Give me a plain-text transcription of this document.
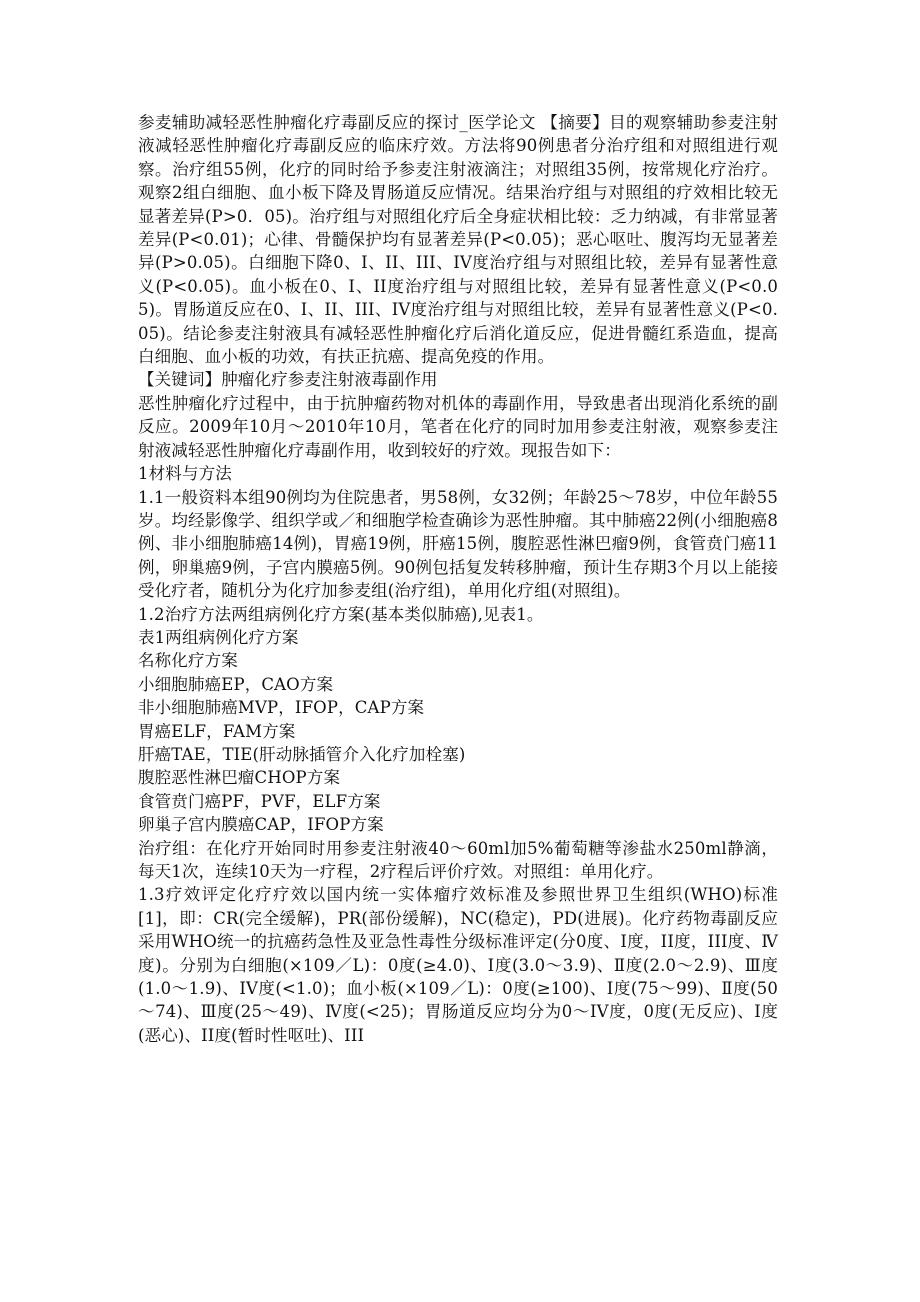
参麦辅助减轻恶性肿瘤化疗毒副反应的探讨_医学论文 【摘要】目的观察辅助参麦注射液减轻恶性肿瘤化疗毒副反应的临床疗效。方法将90例患者分治疗组和对照组进行观察。治疗组55例，化疗的同时给予参麦注射液滴注；对照组35例，按常规化疗治疗。观察2组白细胞、血小板下降及胃肠道反应情况。结果治疗组与对照组的疗效相比较无显著差异(P>0．05)。治疗组与对照组化疗后全身症状相比较：乏力纳减，有非常显著差异(P<0.01)；心律、骨髓保护均有显著差异(P<0.05)；恶心呕吐、腹泻均无显著差异(P>0.05)。白细胞下降0、I、II、III、IV度治疗组与对照组比较，差异有显著性意义(P<0.05)。血小板在0、I、II度治疗组与对照组比较，差异有显著性意义(P<0.05)。胃肠道反应在0、I、II、III、IV度治疗组与对照组比较，差异有显著性意义(P<0.05)。结论参麦注射液具有减轻恶性肿瘤化疗后消化道反应，促进骨髓红系造血，提高白细胞、血小板的功效，有扶正抗癌、提高免疫的作用。

【关键词】肿瘤化疗参麦注射液毒副作用

恶性肿瘤化疗过程中，由于抗肿瘤药物对机体的毒副作用，导致患者出现消化系统的副反应。2009年10月～2010年10月，笔者在化疗的同时加用参麦注射液，观察参麦注射液减轻恶性肿瘤化疗毒副作用，收到较好的疗效。现报告如下：

1材料与方法

1.1一般资料本组90例均为住院患者，男58例，女32例；年龄25～78岁，中位年龄55岁。均经影像学、组织学或／和细胞学检查确诊为恶性肿瘤。其中肺癌22例(小细胞癌8例、非小细胞肺癌14例)，胃癌19例，肝癌15例，腹腔恶性淋巴瘤9例，食管贲门癌11例，卵巢癌9例，子宫内膜癌5例。90例包括复发转移肿瘤，预计生存期3个月以上能接受化疗者，随机分为化疗加参麦组(治疗组)，单用化疗组(对照组)。

1.2治疗方法两组病例化疗方案(基本类似肺癌),见表1。

表1两组病例化疗方案

名称化疗方案

小细胞肺癌EP，CAO方案

非小细胞肺癌MVP，IFOP，CAP方案

胃癌ELF，FAM方案

肝癌TAE，TIE(肝动脉插管介入化疗加栓塞)

腹腔恶性淋巴瘤CHOP方案

食管贲门癌PF，PVF，ELF方案

卵巢子宫内膜癌CAP，IFOP方案

治疗组：在化疗开始同时用参麦注射液40～60ml加5%葡萄糖等渗盐水250ml静滴，每天1次，连续10天为一疗程，2疗程后评价疗效。对照组：单用化疗。

1.3疗效评定化疗疗效以国内统一实体瘤疗效标准及参照世界卫生组织(WHO)标准[1]，即：CR(完全缓解)，PR(部份缓解)，NC(稳定)，PD(进展)。化疗药物毒副反应采用WHO统一的抗癌药急性及亚急性毒性分级标准评定(分0度、I度，II度，III度、Ⅳ度)。分别为白细胞(×109／L)：0度(≥4.0)、I度(3.0～3.9)、Ⅱ度(2.0～2.9)、Ⅲ度(1.0～1.9)、IV度(<1.0)；血小板(×109／L)：0度(≥100)、I度(75～99)、Ⅱ度(50～74)、Ⅲ度(25～49)、Ⅳ度(<25)；胃肠道反应均分为0～IV度，0度(无反应)、I度(恶心)、II度(暂时性呕吐)、III
